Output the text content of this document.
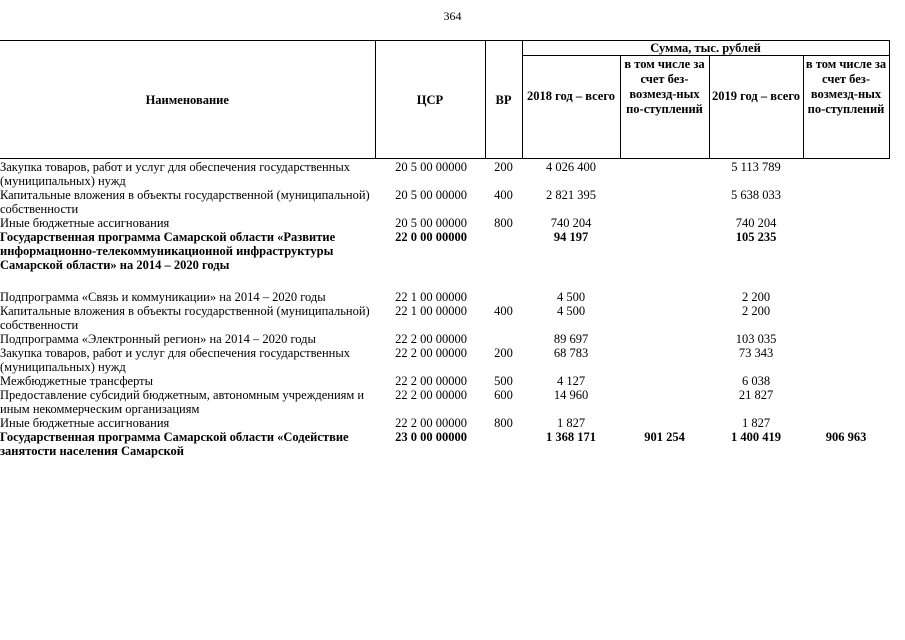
364
Наименование	ЦСР	ВР	Сумма, тыс. рублей			
			2018 год – всего	в том числе за счет без-возмезд-ных по-ступлений	2019 год – всего	в том числе за счет без-возмезд-ных по-ступлений
Закупка товаров, работ и услуг для обеспечения государственных (муниципальных) нужд	20 5 00 00000	200	4 026 400		5 113 789	
Капитальные вложения в объекты государственной (муниципальной) собственности	20 5 00 00000	400	2 821 395		5 638 033	
Иные бюджетные ассигнования	20 5 00 00000	800	740 204		740 204	
Государственная программа Самарской области «Развитие информационно-телекоммуникационной инфраструктуры Самарской области» на 2014 – 2020 годы	22 0 00 00000		94 197		105 235	
Подпрограмма «Связь и коммуникации» на 2014 – 2020 годы	22 1 00 00000		4 500		2 200	
Капитальные вложения в объекты государственной (муниципальной) собственности	22 1 00 00000	400	4 500		2 200	
Подпрограмма «Электронный регион» на 2014 – 2020 годы	22 2 00 00000		89 697		103 035	
Закупка товаров, работ и услуг для обеспечения государственных (муниципальных) нужд	22 2 00 00000	200	68 783		73 343	
Межбюджетные трансферты	22 2 00 00000	500	4 127		6 038	
Предоставление субсидий бюджетным, автономным учреждениям и иным некоммерческим организациям	22 2 00 00000	600	14 960		21 827	
Иные бюджетные ассигнования	22 2 00 00000	800	1 827		1 827	
Государственная программа Самарской области «Содействие занятости населения Самарской	23 0 00 00000		1 368 171	901 254	1 400 419	906 963
